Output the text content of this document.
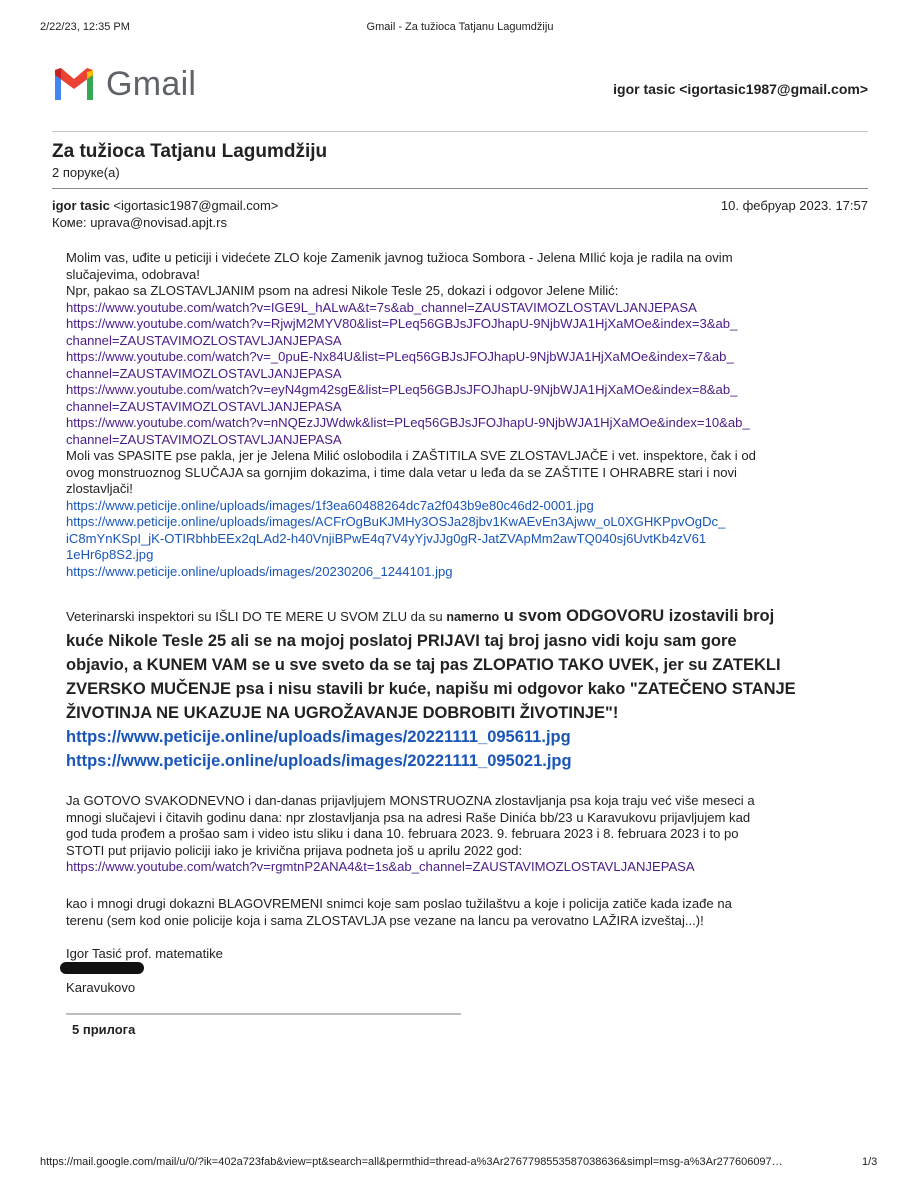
2/22/23, 12:35 PM	Gmail - Za tužioca Tatjanu Lagumdžiju
Gmail	igor tasic <igortasic1987@gmail.com>
Za tužioca Tatjanu Lagumdžiju
2 поруке(а)
igor tasic <igortasic1987@gmail.com>	10. фебруар 2023. 17:57
Коме: uprava@novisad.apjt.rs
Molim vas, uđite u peticiji i videćete ZLO koje Zamenik javnog tužioca Sombora - Jelena MIlić koja je radila na ovim
slučajevima, odobrava!
Npr, pakao sa ZLOSTAVLJANIM psom na adresi Nikole Tesle 25, dokazi i odgovor Jelene Milić:
https://www.youtube.com/watch?v=IGE9L_hALwA&t=7s&ab_channel=ZAUSTAVIMOZLOSTAVLJANJEPASA
https://www.youtube.com/watch?v=RjwjM2MYV80&list=PLeq56GBJsJFOJhapU-9NjbWJA1HjXaMOe&index=3&ab_
channel=ZAUSTAVIMOZLOSTAVLJANJEPASA
https://www.youtube.com/watch?v=_0puE-Nx84U&list=PLeq56GBJsJFOJhapU-9NjbWJA1HjXaMOe&index=7&ab_
channel=ZAUSTAVIMOZLOSTAVLJANJEPASA
https://www.youtube.com/watch?v=eyN4gm42sgE&list=PLeq56GBJsJFOJhapU-9NjbWJA1HjXaMOe&index=8&ab_
channel=ZAUSTAVIMOZLOSTAVLJANJEPASA
https://www.youtube.com/watch?v=nNQEzJJWdwk&list=PLeq56GBJsJFOJhapU-9NjbWJA1HjXaMOe&index=10&ab_
channel=ZAUSTAVIMOZLOSTAVLJANJEPASA
Moli vas SPASITE pse pakla, jer je Jelena Milić oslobodila i ZAŠTITILA SVE ZLOSTAVLJAČE i vet. inspektore, čak i od
ovog monstruoznog SLUČAJA sa gornjim dokazima, i time dala vetar u leđa da se ZAŠTITE I OHRABRE stari i novi
zlostavljači!
https://www.peticije.online/uploads/images/1f3ea60488264dc7a2f043b9e80c46d2-0001.jpg
https://www.peticije.online/uploads/images/ACFrOgBuKJMHy3OSJa28jbv1KwAEvEn3Ajww_oL0XGHKPpvOgDc_
iC8mYnKSpI_jK-OTIRbhbEEx2qLAd2-h40VnjiBPwE4q7V4yYjvJJg0gR-JatZVApMm2awTQ040sj6UvtKb4zV61
1eHr6p8S2.jpg
https://www.peticije.online/uploads/images/20230206_1244101.jpg
Veterinarski inspektori su IŠLI DO TE MERE U SVOM ZLU da su namerno u svom ODGOVORU izostavili broj
kuće Nikole Tesle 25 ali se na mojoj poslatoj PRIJAVI taj broj jasno vidi koju sam gore
objavio, a KUNEM VAM se u sve sveto da se taj pas ZLOPATIO TAKO UVEK, jer su ZATEKLI
ZVERSKO MUČENJE psa i nisu stavili br kuće, napišu mi odgovor kako "ZATEČENO STANJE
ŽIVOTINJA NE UKAZUJE NA UGROŽAVANJE DOBROBITI ŽIVOTINJE"!
https://www.peticije.online/uploads/images/20221111_095611.jpg
https://www.peticije.online/uploads/images/20221111_095021.jpg
Ja GOTOVO SVAKODNEVNO i dan-danas prijavljujem MONSTRUOZNA zlostavljanja psa koja traju već više meseci a
mnogi slučajevi i čitavih godinu dana: npr zlostavljanja psa na adresi Raše Dinića bb/23 u Karavukovu prijavljujem kad
god tuda prođem a prošao sam i video istu sliku i dana 10. februara 2023. 9. februara 2023 i 8. februara 2023 i to po
STOTI put prijavio policiji iako je krivična prijava podneta još u aprilu 2022 god:
https://www.youtube.com/watch?v=rgmtnP2ANA4&t=1s&ab_channel=ZAUSTAVIMOZLOSTAVLJANJEPASA
kao i mnogi drugi dokazni BLAGOVREMENI snimci koje sam poslao tužilaštvu a koje i policija zatiče kada izađe na
terenu (sem kod onie policije koja i sama ZLOSTAVLJA pse vezane na lancu pa verovatno LAŽIRA izveštaj...)!
Igor Tasić prof. matematike
Karavukovo
5 прилога
https://mail.google.com/mail/u/0/?ik=402a723fab&view=pt&search=all&permthid=thread-a%3Ar2767798553587038636&simpl=msg-a%3Ar277606097…	1/3
